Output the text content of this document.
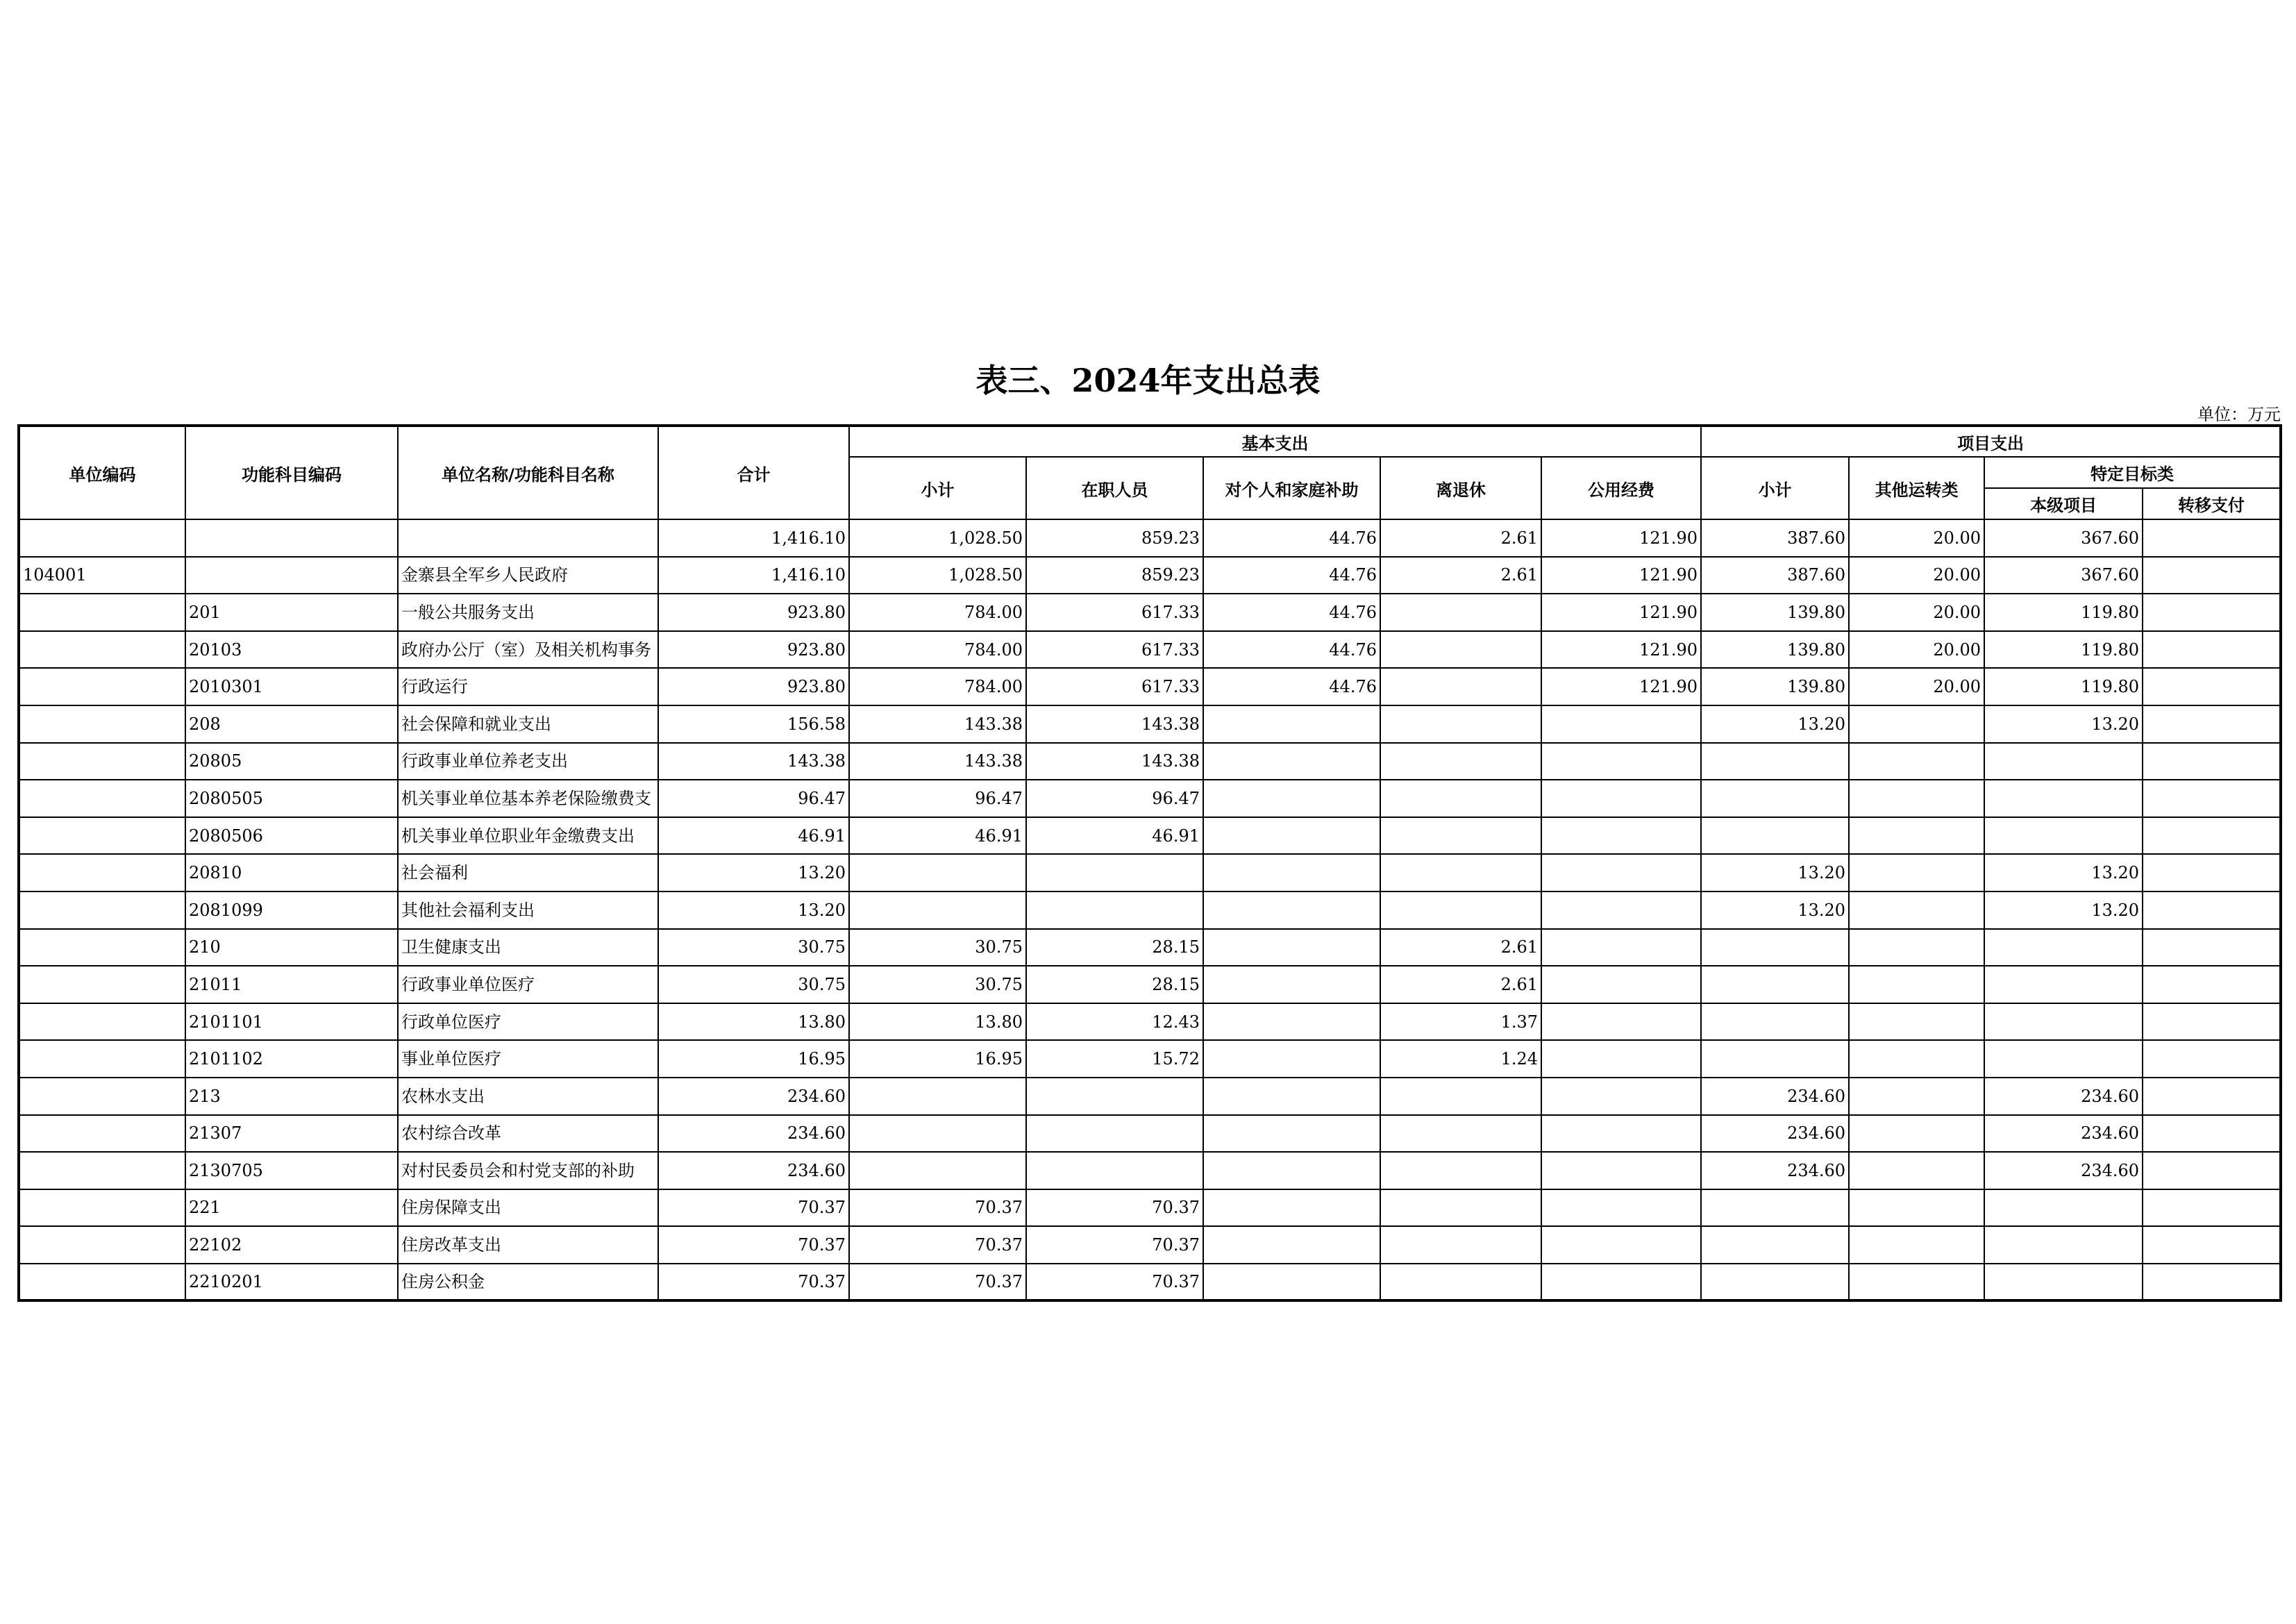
表三、2024年支出总表
单位：万元
单位编码	功能科目编码	单位名称/功能科目名称	合计	基本支出					项目支出			
				小计	在职人员	对个人和家庭补助	离退休	公用经费	小计	其他运转类	特定目标类	
											本级项目	转移支付
			1,416.10	1,028.50	859.23	44.76	2.61	121.90	387.60	20.00	367.60	
104001		金寨县全军乡人民政府	1,416.10	1,028.50	859.23	44.76	2.61	121.90	387.60	20.00	367.60	
	201	一般公共服务支出	923.80	784.00	617.33	44.76		121.90	139.80	20.00	119.80	
	20103	政府办公厅（室）及相关机构事务	923.80	784.00	617.33	44.76		121.90	139.80	20.00	119.80	
	2010301	行政运行	923.80	784.00	617.33	44.76		121.90	139.80	20.00	119.80	
	208	社会保障和就业支出	156.58	143.38	143.38				13.20		13.20	
	20805	行政事业单位养老支出	143.38	143.38	143.38							
	2080505	机关事业单位基本养老保险缴费支	96.47	96.47	96.47							
	2080506	机关事业单位职业年金缴费支出	46.91	46.91	46.91							
	20810	社会福利	13.20						13.20		13.20	
	2081099	其他社会福利支出	13.20						13.20		13.20	
	210	卫生健康支出	30.75	30.75	28.15		2.61					
	21011	行政事业单位医疗	30.75	30.75	28.15		2.61					
	2101101	行政单位医疗	13.80	13.80	12.43		1.37					
	2101102	事业单位医疗	16.95	16.95	15.72		1.24					
	213	农林水支出	234.60						234.60		234.60	
	21307	农村综合改革	234.60						234.60		234.60	
	2130705	对村民委员会和村党支部的补助	234.60						234.60		234.60	
	221	住房保障支出	70.37	70.37	70.37							
	22102	住房改革支出	70.37	70.37	70.37							
	2210201	住房公积金	70.37	70.37	70.37							
